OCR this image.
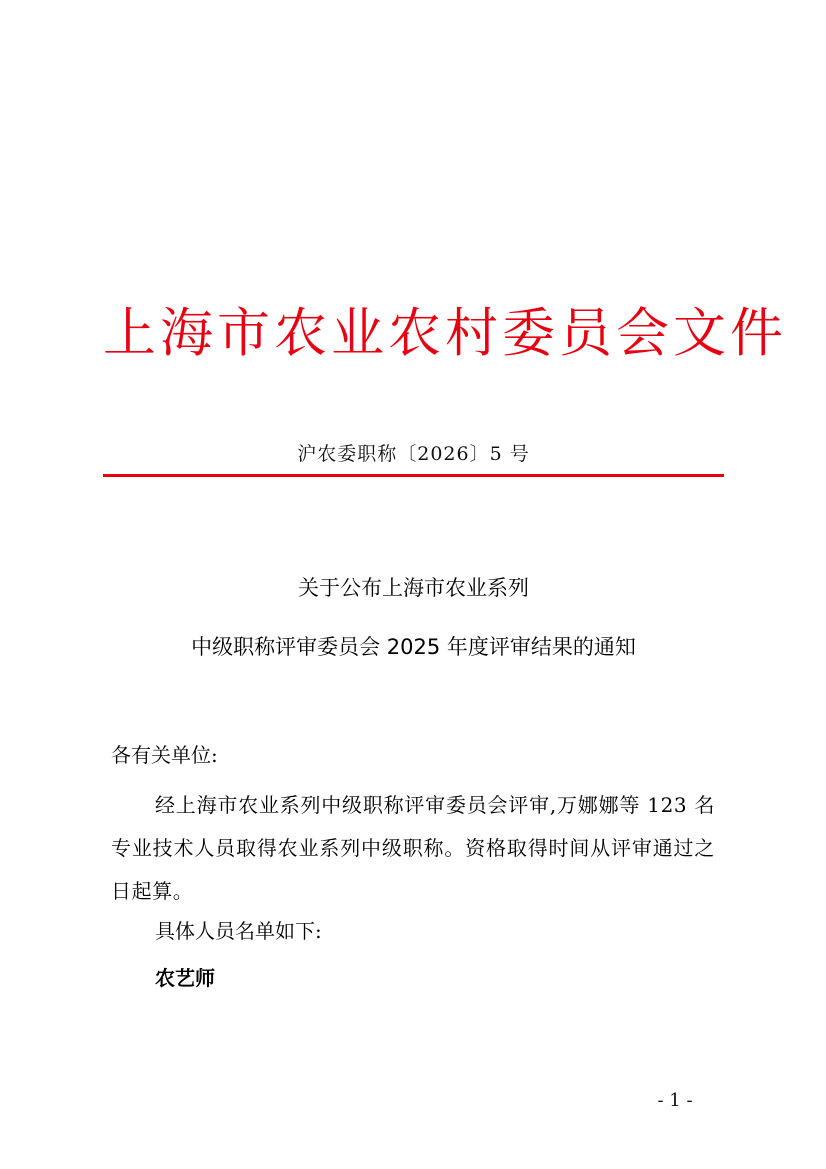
上海市农业农村委员会文件
沪农委职称〔2026〕5 号
关于公布上海市农业系列
中级职称评审委员会 2025 年度评审结果的通知
各有关单位:
经上海市农业系列中级职称评审委员会评审,万娜娜等 123 名专业技术人员取得农业系列中级职称。资格取得时间从评审通过之日起算。
具体人员名单如下:
农艺师
- 1 -
